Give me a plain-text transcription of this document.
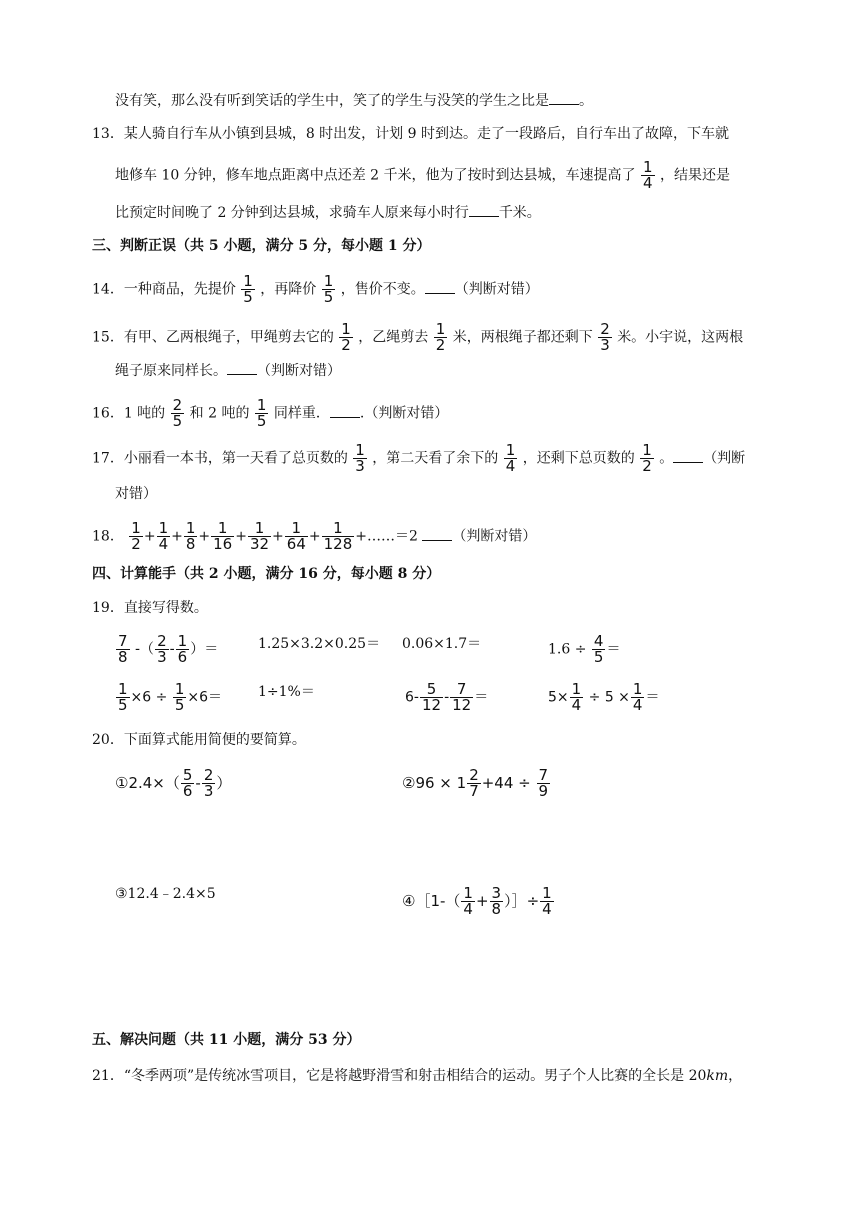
没有笑，那么没有听到笑话的学生中，笑了的学生与没笑的学生之比是 。
13．某人骑自行车从小镇到县城，8 时出发，计划 9 时到达。走了一段路后，自行车出了故障，下车就
地修车 10 分钟，修车地点距离中点还差 2 千米，他为了按时到达县城，车速提高了 $\frac{1}{4}$ ，结果还是
比预定时间晚了 2 分钟到达县城，求骑车人原来每小时行 千米。
三、判断正误（共 5 小题，满分 5 分，每小题 1 分）
14．一种商品，先提价 $\frac{1}{5}$ ，再降价 $\frac{1}{5}$ ，售价不变。 （判断对错）
15．有甲、乙两根绳子，甲绳剪去它的 $\frac{1}{2}$ ，乙绳剪去 $\frac{1}{2}$ 米，两根绳子都还剩下 $\frac{2}{3}$ 米。小宇说，这两根
绳子原来同样长。 （判断对错）
16．1 吨的 $\frac{2}{5}$ 和 2 吨的 $\frac{1}{5}$ 同样重． .（判断对错）
17．小丽看一本书，第一天看了总页数的 $\frac{1}{3}$ ，第二天看了余下的 $\frac{1}{4}$ ，还剩下总页数的 $\frac{1}{2}$ 。 （判断
对错）
18． $\frac{1}{2} + \frac{1}{4} + \frac{1}{8} + \frac{1}{16} + \frac{1}{32} + \frac{1}{64} + \frac{1}{128}$ +……＝2 （判断对错）
四、计算能手（共 2 小题，满分 16 分，每小题 8 分）
19．直接写得数。
$\frac{7}{8}$ -（ $\frac{2}{3} - \frac{1}{6}$ ）＝	1.25×3.2×0.25＝ 0.06×1.7＝	$1.6 \div \frac{4}{5}$ ＝
$\frac{1}{5} \times 6 \div \frac{1}{5} \times 6=$	1÷1%＝	$6- \frac{5}{12} - \frac{7}{12}$ ＝	$5\times \frac{1}{4} \div 5 \times \frac{1}{4}$ ＝
20．下面算式能用简便的要简算。
①2.4×（ $\frac{5}{6} - \frac{2}{3}$ ）	②96 × $1 \frac{2}{7} +44 \div \frac{7}{9}$
③12.4﹣2.4×5	④［1-（ $\frac{1}{4} + \frac{3}{8}$ ）］÷ $\frac{1}{4}$
五、解决问题（共 11 小题，满分 53 分）
21．“冬季两项”是传统冰雪项目，它是将越野滑雪和射击相结合的运动。男子个人比赛的全长是 20km，
